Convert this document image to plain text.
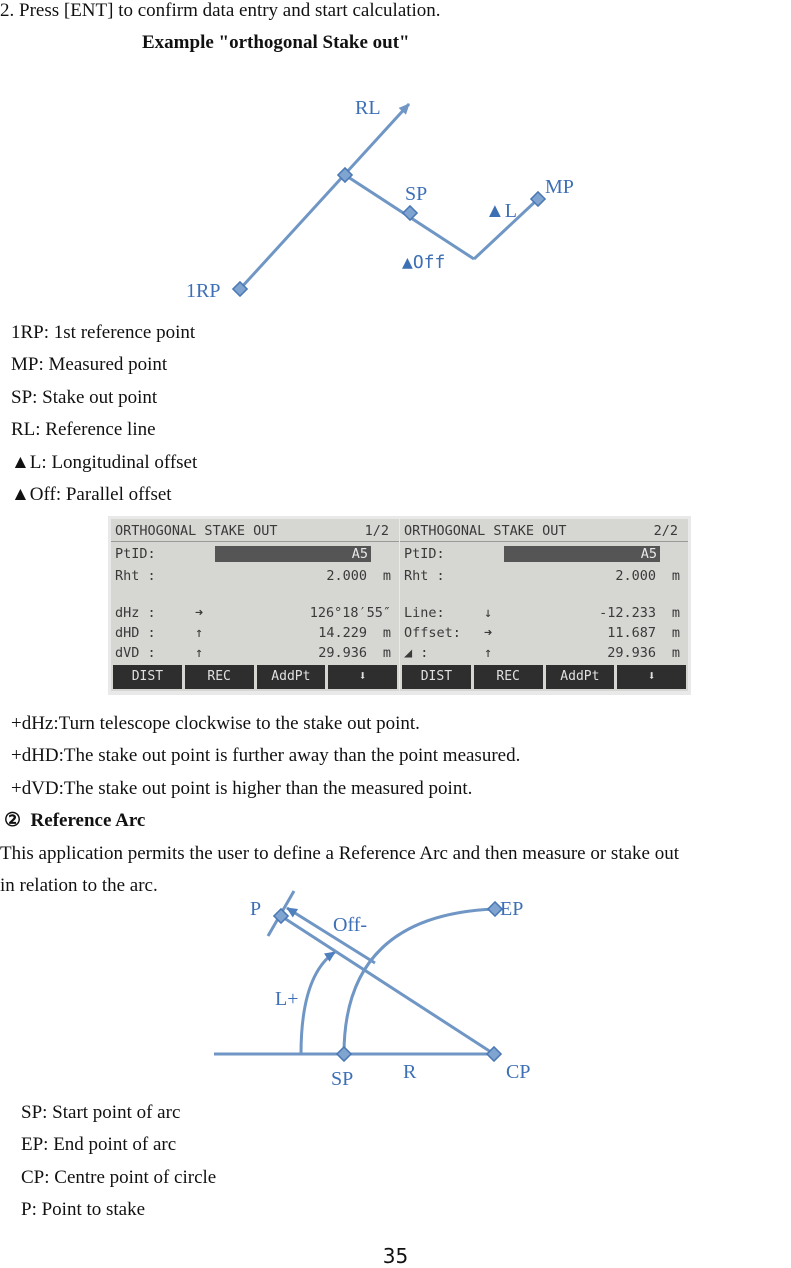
2. Press [ENT] to confirm data entry and start calculation.
Example "orthogonal Stake out"
RL
SP	MP
▲L
▲Off
1RP
1RP: 1st reference point
MP: Measured point
SP: Stake out point
RL: Reference line
▲L: Longitudinal offset
▲Off: Parallel offset
ORTHOGONAL STAKE OUT	1/2
PtID:	A5
Rht :	2.000 m
dHz :	➜	126°18′55″
dHD :	↑	14.229 m
dVD :	↑	29.936 m
DIST	REC	AddPt	⬇
ORTHOGONAL STAKE OUT	2/2
PtID:	A5
Rht :	2.000 m
Line:	↓	-12.233 m
Offset: ➜	11.687 m
◢ :	↑	29.936 m
DIST	REC	AddPt	⬇
+dHz:Turn telescope clockwise to the stake out point.
+dHD:The stake out point is further away than the point measured.
+dVD:The stake out point is higher than the measured point.
② Reference Arc
This application permits the user to define a Reference Arc and then measure or stake out
in relation to the arc.
P
Off-
EP
L+
SP R	CP
SP: Start point of arc
EP: End point of arc
CP: Centre point of circle
P: Point to stake
35
